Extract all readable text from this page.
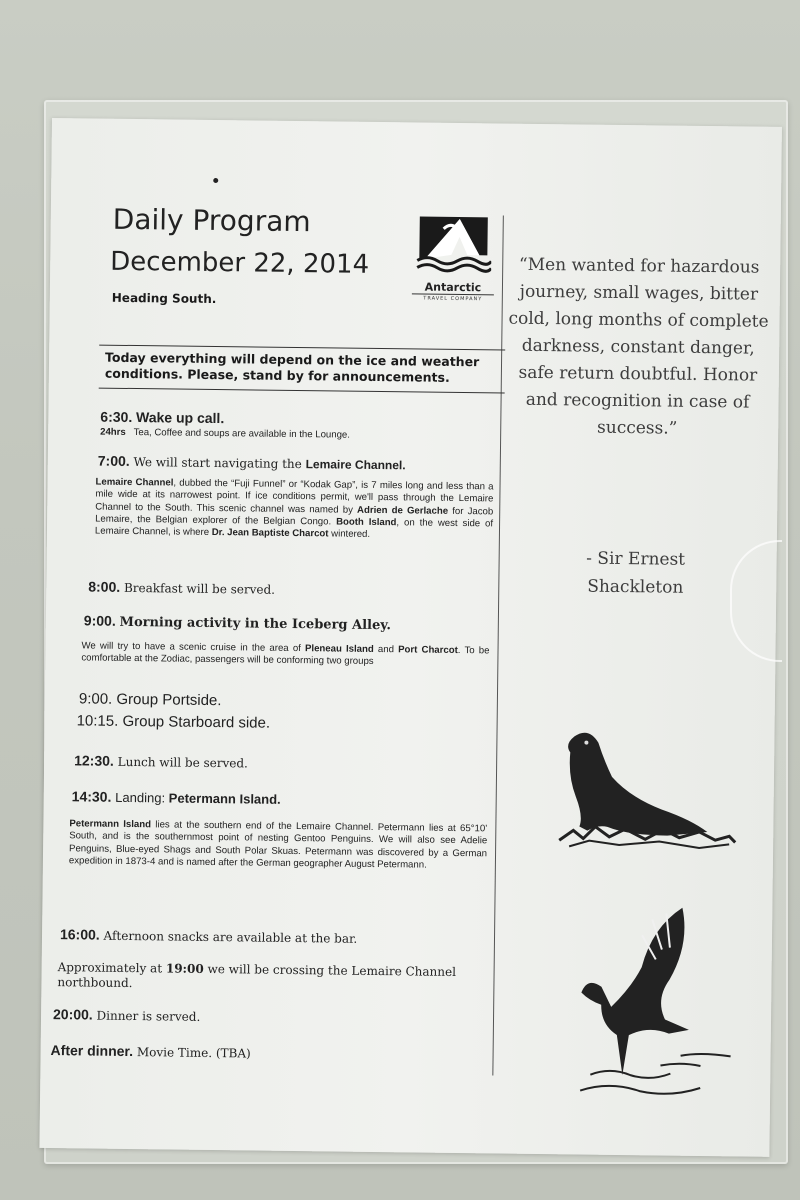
Daily Program
December 22, 2014
Heading South.
Antarctic
TRAVEL COMPANY
Today everything will depend on the ice and weather conditions. Please, stand by for announcements.
6:30. Wake up call.
24hrs Tea, Coffee and soups are available in the Lounge.
7:00. We will start navigating the Lemaire Channel.
Lemaire Channel, dubbed the “Fuji Funnel” or “Kodak Gap”, is 7 miles long and less than a mile wide at its narrowest point. If ice conditions permit, we'll pass through the Lemaire Channel to the South. This scenic channel was named by Adrien de Gerlache for Jacob Lemaire, the Belgian explorer of the Belgian Congo. Booth Island, on the west side of Lemaire Channel, is where Dr. Jean Baptiste Charcot wintered.
8:00. Breakfast will be served.
9:00. Morning activity in the Iceberg Alley.
We will try to have a scenic cruise in the area of Pleneau Island and Port Charcot. To be comfortable at the Zodiac, passengers will be conforming two groups
9:00. Group Portside.
10:15. Group Starboard side.
12:30. Lunch will be served.
14:30. Landing: Petermann Island.
Petermann Island lies at the southern end of the Lemaire Channel. Petermann lies at 65°10’ South, and is the southernmost point of nesting Gentoo Penguins. We will also see Adelie Penguins, Blue-eyed Shags and South Polar Skuas. Petermann was discovered by a German expedition in 1873-4 and is named after the German geographer August Petermann.
16:00. Afternoon snacks are available at the bar.
Approximately at 19:00 we will be crossing the Lemaire Channel northbound.
20:00. Dinner is served.
After dinner. Movie Time. (TBA)
“Men wanted for hazardous journey, small wages, bitter cold, long months of complete darkness, constant danger, safe return doubtful. Honor and recognition in case of success.”
- Sir Ernest
Shackleton
